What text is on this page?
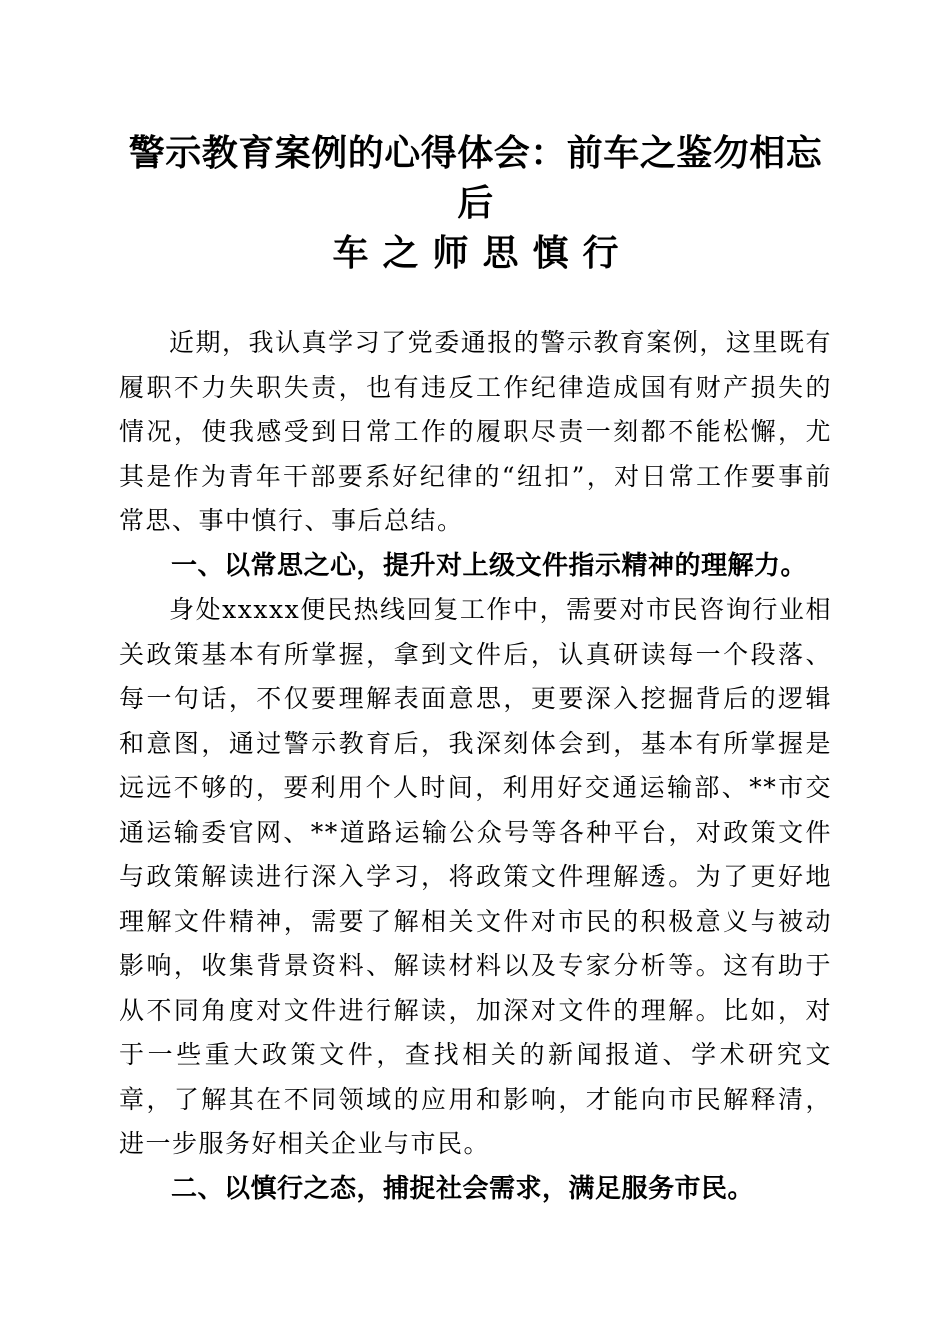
警示教育案例的心得体会：前车之鉴勿相忘后
车之师思慎行

近期，我认真学习了党委通报的警示教育案例，这里既有履职不力失职失责，也有违反工作纪律造成国有财产损失的情况，使我感受到日常工作的履职尽责一刻都不能松懈，尤其是作为青年干部要系好纪律的“纽扣”，对日常工作要事前常思、事中慎行、事后总结。

一、以常思之心，提升对上级文件指示精神的理解力。

身处xxxxx便民热线回复工作中，需要对市民咨询行业相关政策基本有所掌握，拿到文件后，认真研读每一个段落、每一句话，不仅要理解表面意思，更要深入挖掘背后的逻辑和意图，通过警示教育后，我深刻体会到，基本有所掌握是远远不够的，要利用个人时间，利用好交通运输部、**市交通运输委官网、**道路运输公众号等各种平台，对政策文件与政策解读进行深入学习，将政策文件理解透。为了更好地理解文件精神，需要了解相关文件对市民的积极意义与被动影响，收集背景资料、解读材料以及专家分析等。这有助于从不同角度对文件进行解读，加深对文件的理解。比如，对于一些重大政策文件，查找相关的新闻报道、学术研究文章，了解其在不同领域的应用和影响，才能向市民解释清，进一步服务好相关企业与市民。

二、以慎行之态，捕捉社会需求，满足服务市民。
